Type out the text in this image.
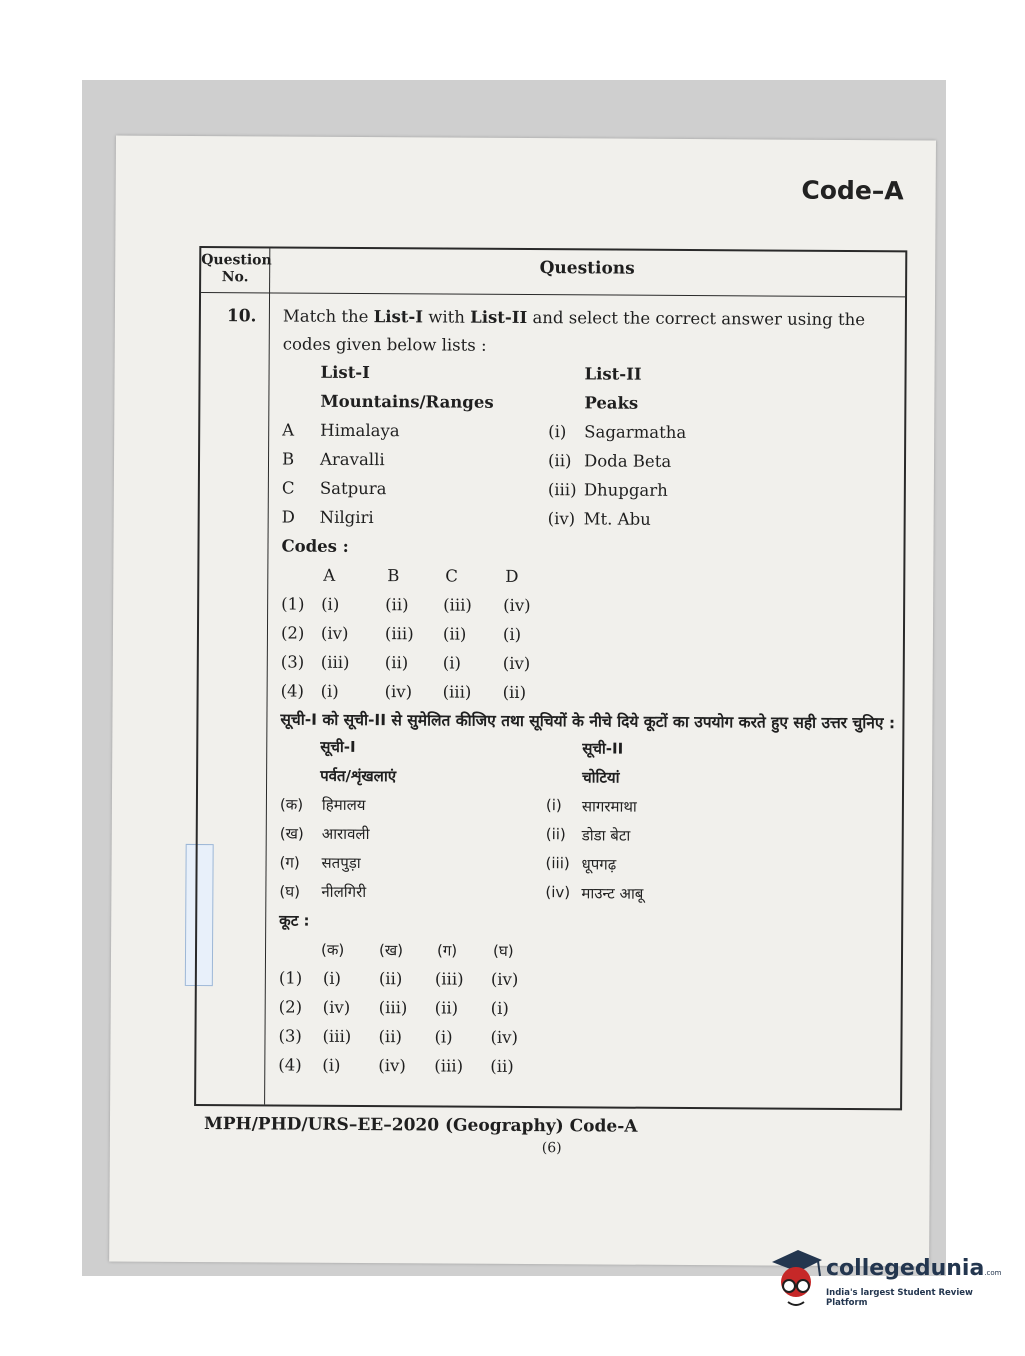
Code–A
Question No.	Questions
10. Match the List-I with List-II and select the correct answer using the codes given below lists :

List-I	List-II
Mountains/Ranges	Peaks
A Himalaya	(i) Sagarmatha
B Aravalli	(ii) Doda Beta
C Satpura	(iii) Dhupgarh
D Nilgiri	(iv) Mt. Abu
Codes :
A	B	C	D
(1) (i)	(ii) (iii) (iv)
(2) (iv) (iii) (ii) (i)
(3) (iii) (ii) (i)	(iv)
(4) (i)	(iv) (iii) (ii)

सूची-I को सूची-II से सुमेलित कीजिए तथा सूचियों के नीचे दिये कूटों का उपयोग करते हुए सही उत्तर चुनिए :

सूची-I	सूची-II
पर्वत/शृंखलाएं	चोटियां
(क) हिमालय	(i) सागरमाथा
(ख) आरावली	(ii) डोडा बेटा
(ग) सतपुड़ा	(iii) धूपगढ़
(घ) नीलगिरी	(iv) माउन्ट आबू
कूट :
(क) (ख) (ग) (घ)
(1) (i) (ii) (iii) (iv)
(2) (iv) (iii) (ii) (i)
(3) (iii) (ii) (i) (iv)
(4) (i) (iv) (iii) (ii)
MPH/PHD/URS–EE–2020 (Geography) Code-A
(6)
collegedunia.com
India's largest Student Review Platform
